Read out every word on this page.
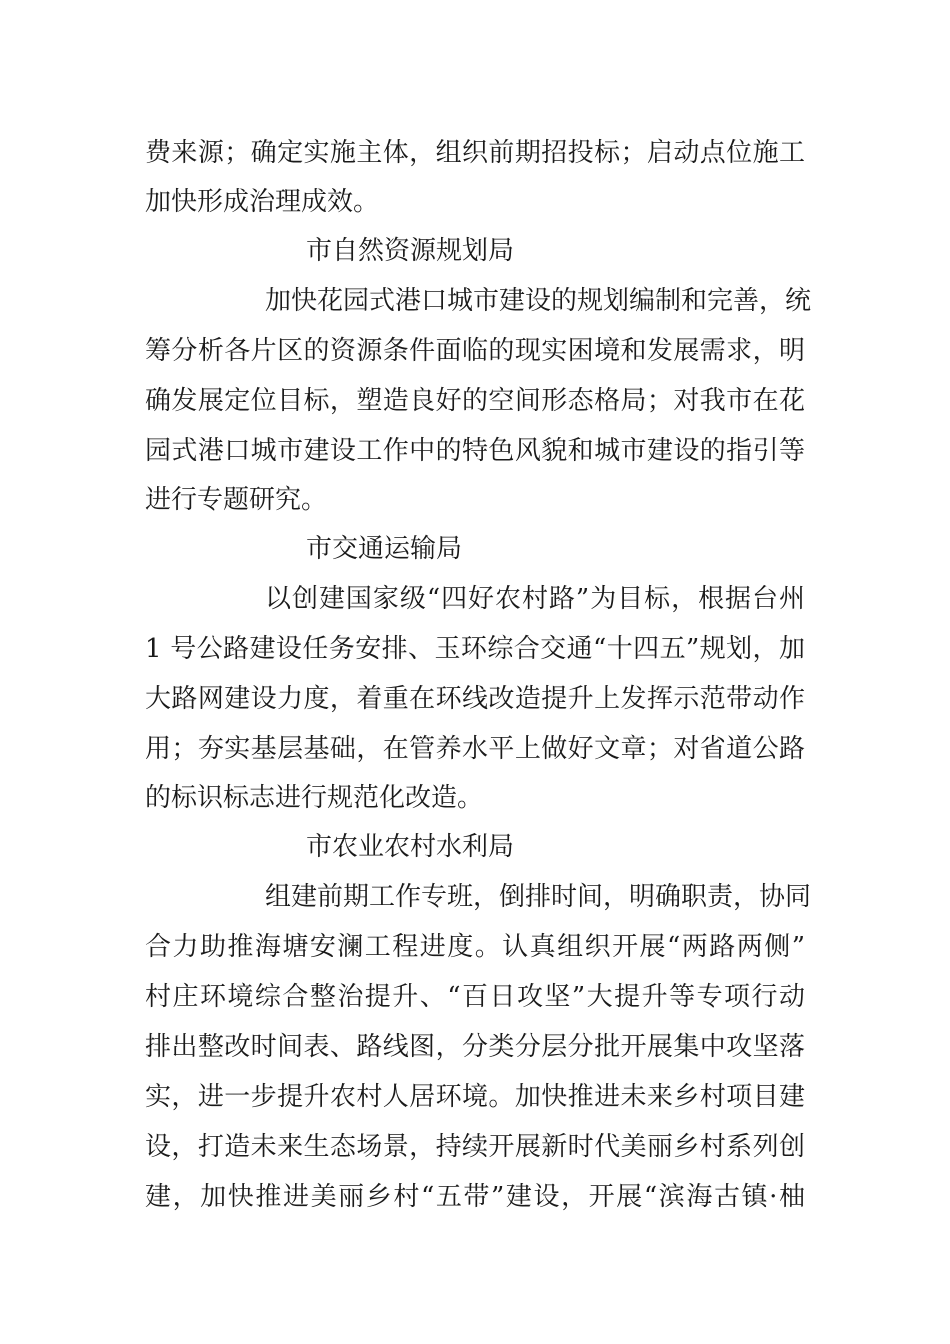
费来源；确定实施主体，组织前期招投标；启动点位施工
加快形成治理成效。
市自然资源规划局
加快花园式港口城市建设的规划编制和完善，统
筹分析各片区的资源条件面临的现实困境和发展需求，明
确发展定位目标，塑造良好的空间形态格局；对我市在花
园式港口城市建设工作中的特色风貌和城市建设的指引等
进行专题研究。
市交通运输局
以创建国家级“四好农村路”为目标，根据台州
1 号公路建设任务安排、玉环综合交通“十四五”规划，加
大路网建设力度，着重在环线改造提升上发挥示范带动作
用；夯实基层基础，在管养水平上做好文章；对省道公路
的标识标志进行规范化改造。
市农业农村水利局
组建前期工作专班，倒排时间，明确职责，协同
合力助推海塘安澜工程进度。认真组织开展“两路两侧”
村庄环境综合整治提升、“百日攻坚”大提升等专项行动
排出整改时间表、路线图，分类分层分批开展集中攻坚落
实，进一步提升农村人居环境。加快推进未来乡村项目建
设，打造未来生态场景，持续开展新时代美丽乡村系列创
建，加快推进美丽乡村“五带”建设，开展“滨海古镇·柚
